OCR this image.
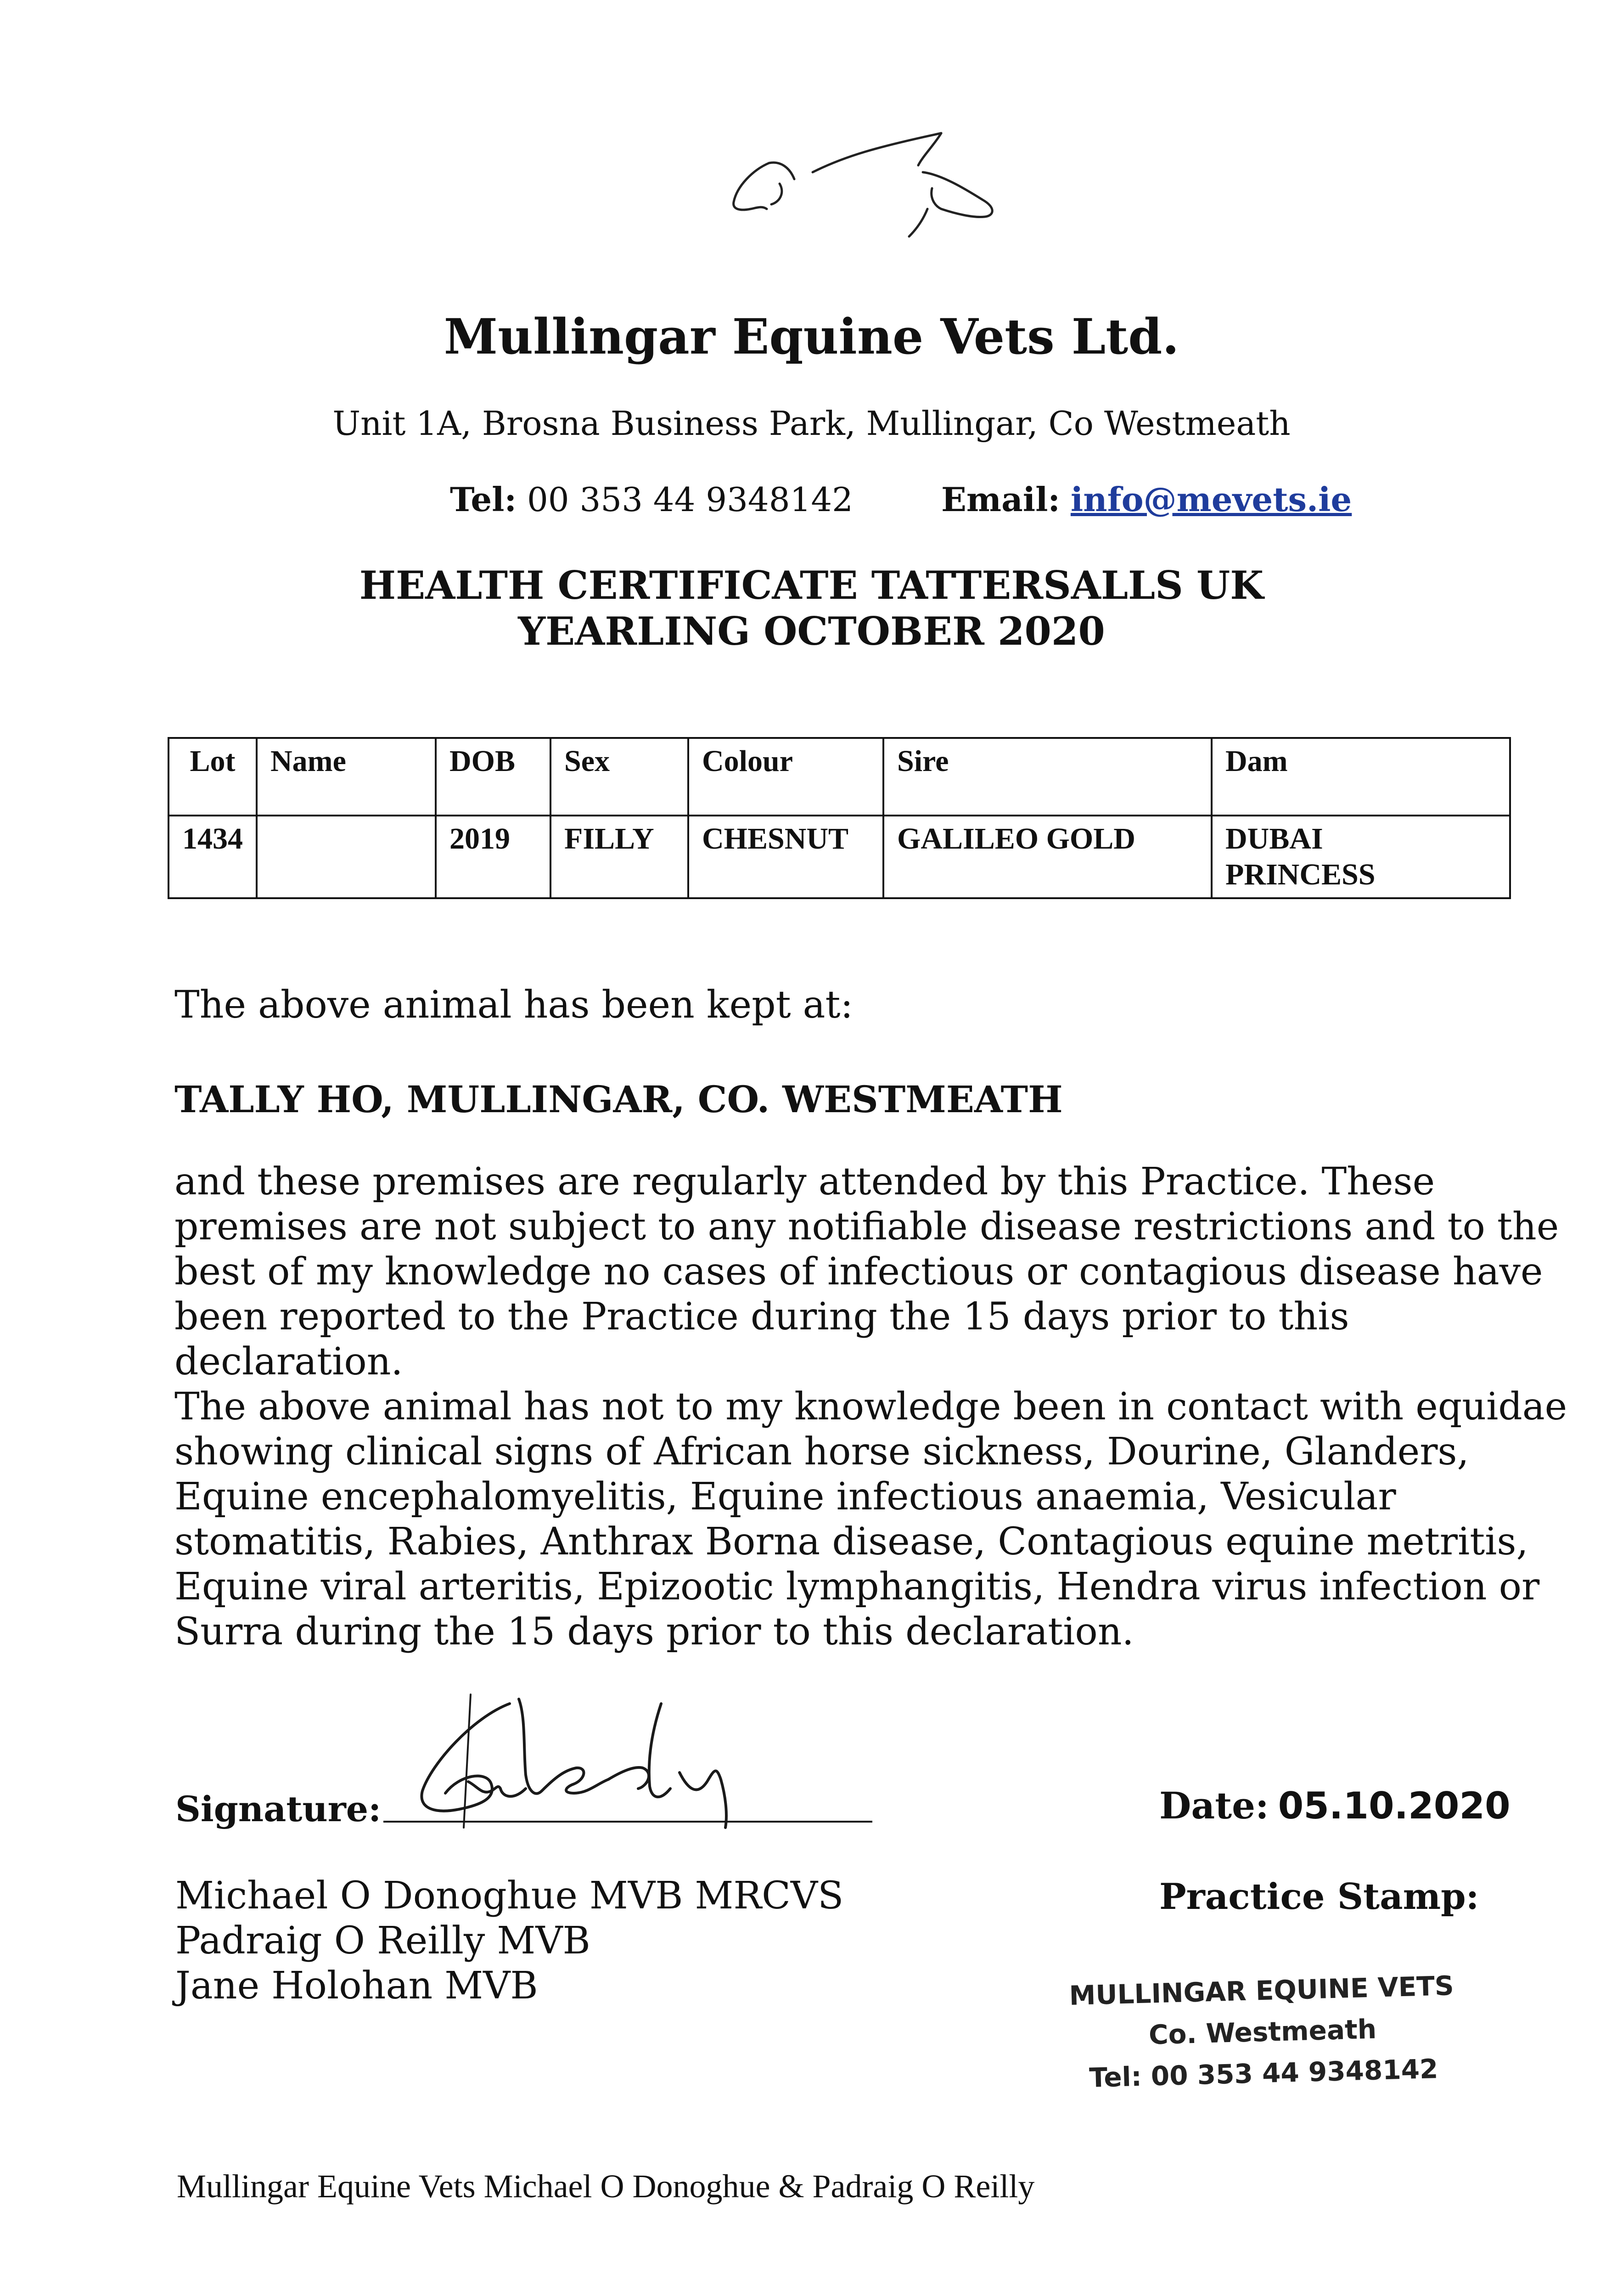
Mullingar Equine Vets Ltd.
Unit 1A, Brosna Business Park, Mullingar, Co Westmeath
Tel: 00 353 44 9348142	Email: info@mevets.ie
HEALTH CERTIFICATE TATTERSALLS UK
YEARLING OCTOBER 2020
Lot	Name	DOB	Sex	Colour	Sire	Dam
1434		2019	FILLY	CHESNUT	GALILEO GOLD	DUBAI
PRINCESS
The above animal has been kept at:
TALLY HO, MULLINGAR, CO. WESTMEATH
and these premises are regularly attended by this Practice. These premises are not subject to any notifiable disease restrictions and to the best of my knowledge no cases of infectious or contagious disease have been reported to the Practice during the 15 days prior to this declaration.
The above animal has not to my knowledge been in contact with equidae showing clinical signs of African horse sickness, Dourine, Glanders, Equine encephalomyelitis, Equine infectious anaemia, Vesicular stomatitis, Rabies, Anthrax Borna disease, Contagious equine metritis, Equine viral arteritis, Epizootic lymphangitis, Hendra virus infection or Surra during the 15 days prior to this declaration.
Signature:	Date: 05.10.2020
Michael O Donoghue MVB MRCVS
Padraig O Reilly MVB
Jane Holohan MVB
Practice Stamp:
MULLINGAR EQUINE VETS
Co. Westmeath
Tel: 00 353 44 9348142
Mullingar Equine Vets Michael O Donoghue & Padraig O Reilly
